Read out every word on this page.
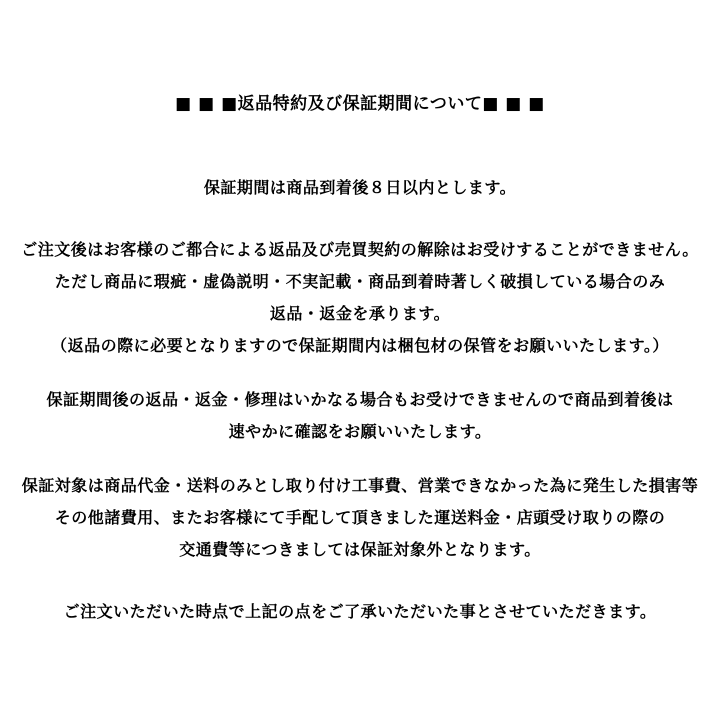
■ ■ ■返品特約及び保証期間について■ ■ ■
保証期間は商品到着後８日以内とします。
ご注文後はお客様のご都合による返品及び売買契約の解除はお受けすることができません。
ただし商品に瑕疵・虚偽説明・不実記載・商品到着時著しく破損している場合のみ
返品・返金を承ります。
（返品の際に必要となりますので保証期間内は梱包材の保管をお願いいたします。）
保証期間後の返品・返金・修理はいかなる場合もお受けできませんので商品到着後は
速やかに確認をお願いいたします。
保証対象は商品代金・送料のみとし取り付け工事費、営業できなかった為に発生した損害等
その他諸費用、またお客様にて手配して頂きました運送料金・店頭受け取りの際の
交通費等につきましては保証対象外となります。
ご注文いただいた時点で上記の点をご了承いただいた事とさせていただきます。
